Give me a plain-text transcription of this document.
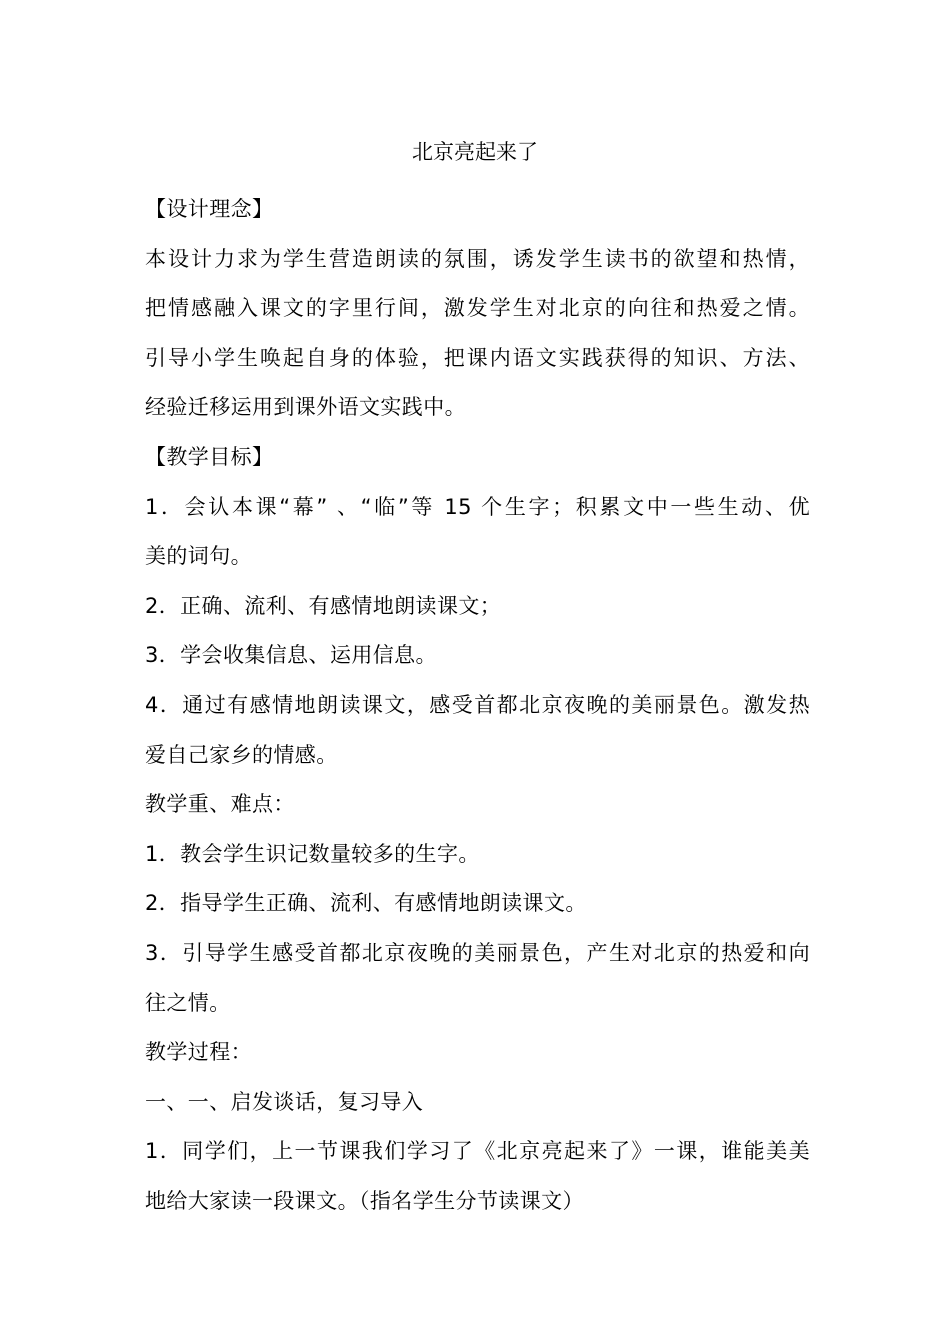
北京亮起来了
【设计理念】
本设计力求为学生营造朗读的氛围，诱发学生读书的欲望和热情，
把情感融入课文的字里行间，激发学生对北京的向往和热爱之情。
引导小学生唤起自身的体验，把课内语文实践获得的知识、方法、
经验迁移运用到课外语文实践中。
【教学目标】
1．会认本课“幕” 、“临”等 15 个生字；积累文中一些生动、优
美的词句。
2．正确、流利、有感情地朗读课文；
3．学会收集信息、运用信息。
4．通过有感情地朗读课文，感受首都北京夜晚的美丽景色。激发热
爱自己家乡的情感。
教学重、难点：
1．教会学生识记数量较多的生字。
2．指导学生正确、流利、有感情地朗读课文。
3．引导学生感受首都北京夜晚的美丽景色，产生对北京的热爱和向
往之情。
教学过程：
一、一、启发谈话，复习导入
1．同学们，上一节课我们学习了《北京亮起来了》一课，谁能美美
地给大家读一段课文。（指名学生分节读课文）
